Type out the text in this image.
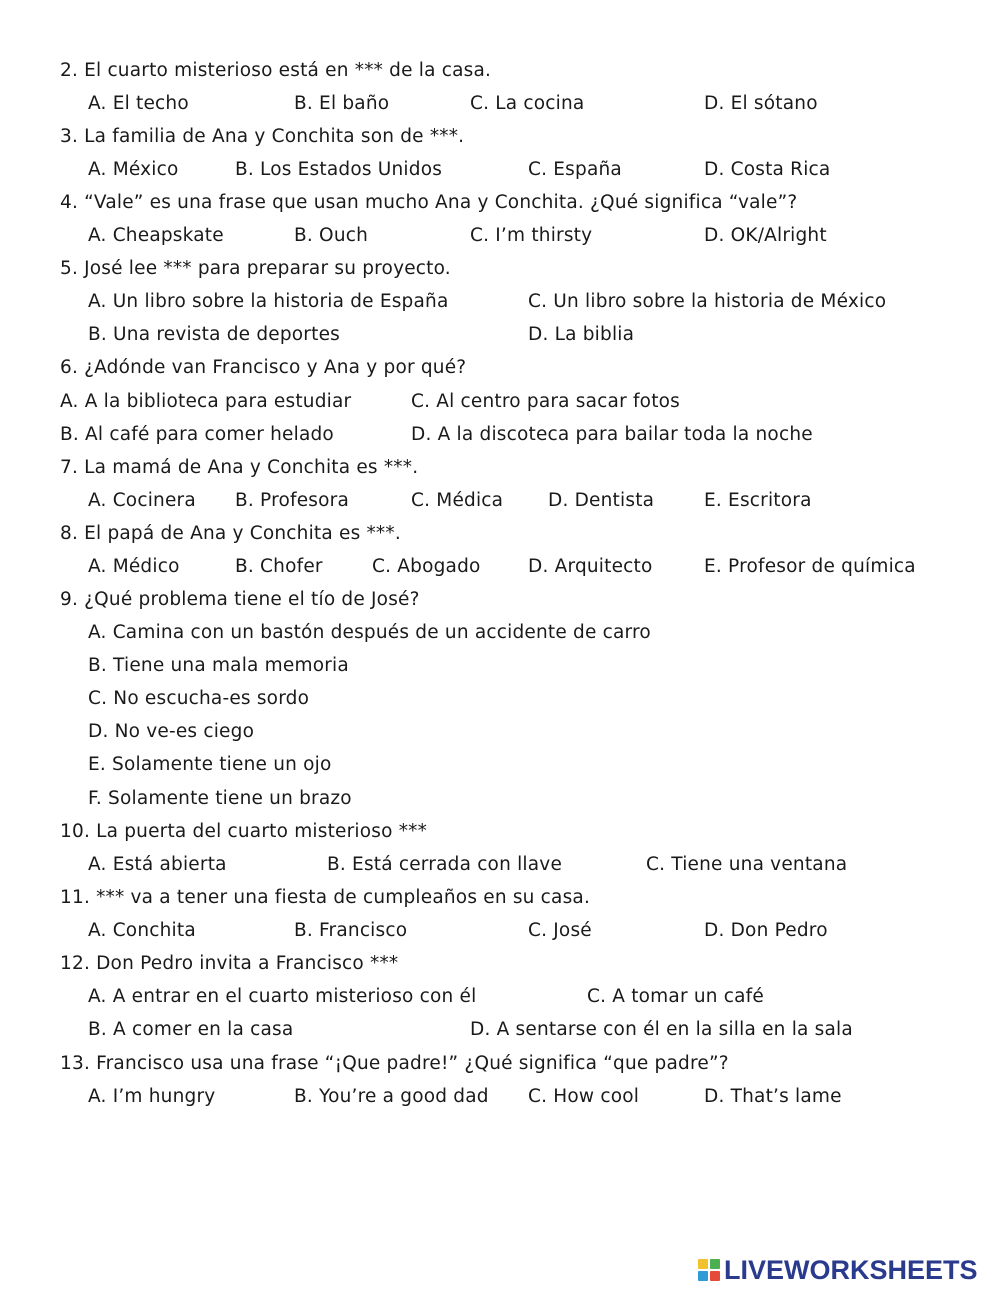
2. El cuarto misterioso está en *** de la casa.
A. El techo	B. El baño	C. La cocina	D. El sótano
3. La familia de Ana y Conchita son de ***.
A. México	B. Los Estados Unidos	C. España	D. Costa Rica
4. “Vale” es una frase que usan mucho Ana y Conchita. ¿Qué significa “vale”?
A. Cheapskate	B. Ouch	C. I’m thirsty	D. OK/Alright
5. José lee *** para preparar su proyecto.
A. Un libro sobre la historia de España	C. Un libro sobre la historia de México
B. Una revista de deportes	D. La biblia
6. ¿Adónde van Francisco y Ana y por qué?
A. A la biblioteca para estudiar	C. Al centro para sacar fotos
B. Al café para comer helado	D. A la discoteca para bailar toda la noche
7. La mamá de Ana y Conchita es ***.
A. Cocinera B. Profesora	C. Médica D. Dentista	E. Escritora
8. El papá de Ana y Conchita es ***.
A. Médico	B. Chofer	C. Abogado	D. Arquitecto	E. Profesor de química
9. ¿Qué problema tiene el tío de José?
A. Camina con un bastón después de un accidente de carro
B. Tiene una mala memoria
C. No escucha-es sordo
D. No ve-es ciego
E. Solamente tiene un ojo
F. Solamente tiene un brazo
10. La puerta del cuarto misterioso ***
A. Está abierta	B. Está cerrada con llave	C. Tiene una ventana
11. *** va a tener una fiesta de cumpleaños en su casa.
A. Conchita	B. Francisco	C. José	D. Don Pedro
12. Don Pedro invita a Francisco ***
A. A entrar en el cuarto misterioso con él	C. A tomar un café
B. A comer en la casa	D. A sentarse con él en la silla en la sala
13. Francisco usa una frase “¡Que padre!” ¿Qué significa “que padre”?
A. I’m hungry	B. You’re a good dad C. How cool	D. That’s lame
LIVEWORKSHEETS
